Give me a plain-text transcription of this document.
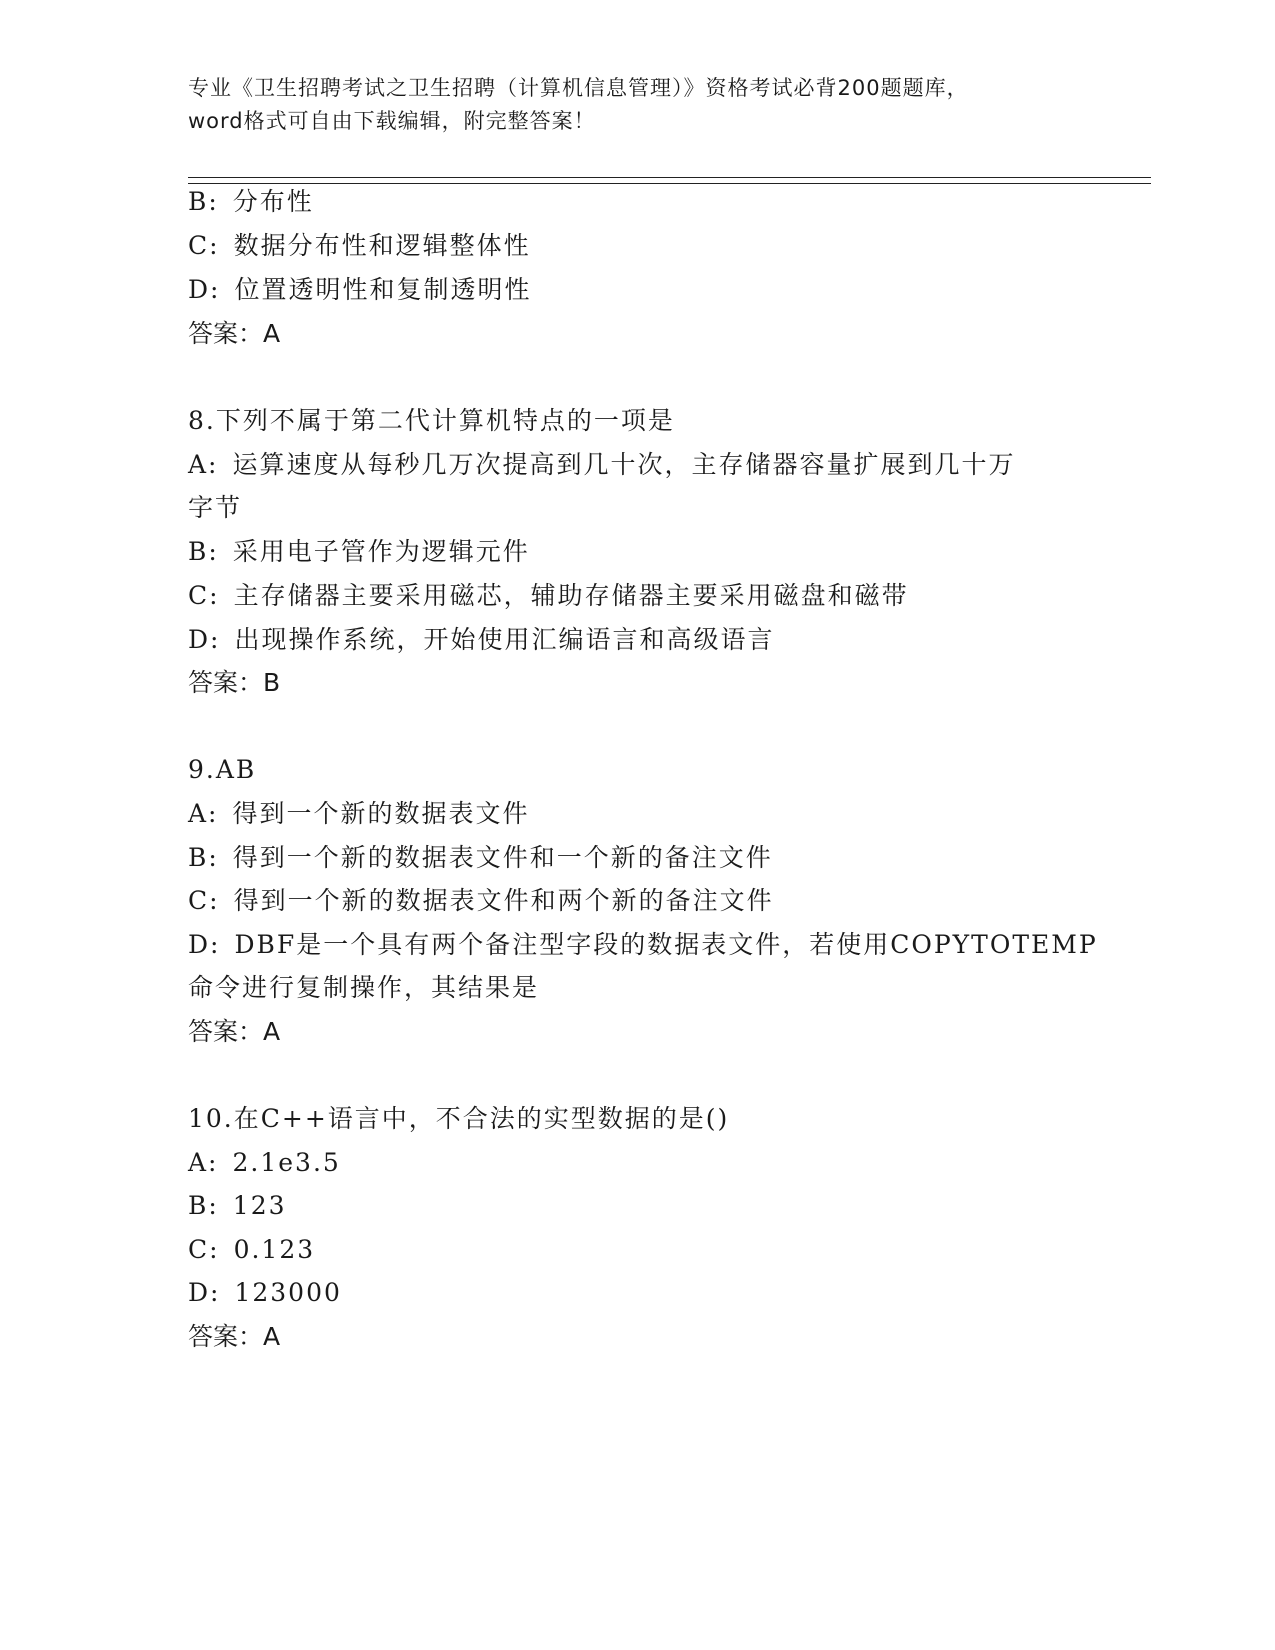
专业《卫生招聘考试之卫生招聘（计算机信息管理）》资格考试必背200题题库，
word格式可自由下载编辑，附完整答案！
B: 分布性
C: 数据分布性和逻辑整体性
D: 位置透明性和复制透明性
答案：A
8.下列不属于第二代计算机特点的一项是
A: 运算速度从每秒几万次提高到几十次，主存储器容量扩展到几十万
字节
B: 采用电子管作为逻辑元件
C: 主存储器主要采用磁芯，辅助存储器主要采用磁盘和磁带
D: 出现操作系统，开始使用汇编语言和高级语言
答案：B
9.AB
A: 得到一个新的数据表文件
B: 得到一个新的数据表文件和一个新的备注文件
C: 得到一个新的数据表文件和两个新的备注文件
D: DBF是一个具有两个备注型字段的数据表文件，若使用COPYTOTEMP
命令进行复制操作，其结果是
答案：A
10.在C++语言中，不合法的实型数据的是()
A: 2.1e3.5
B: 123
C: 0.123
D: 123000
答案：A
